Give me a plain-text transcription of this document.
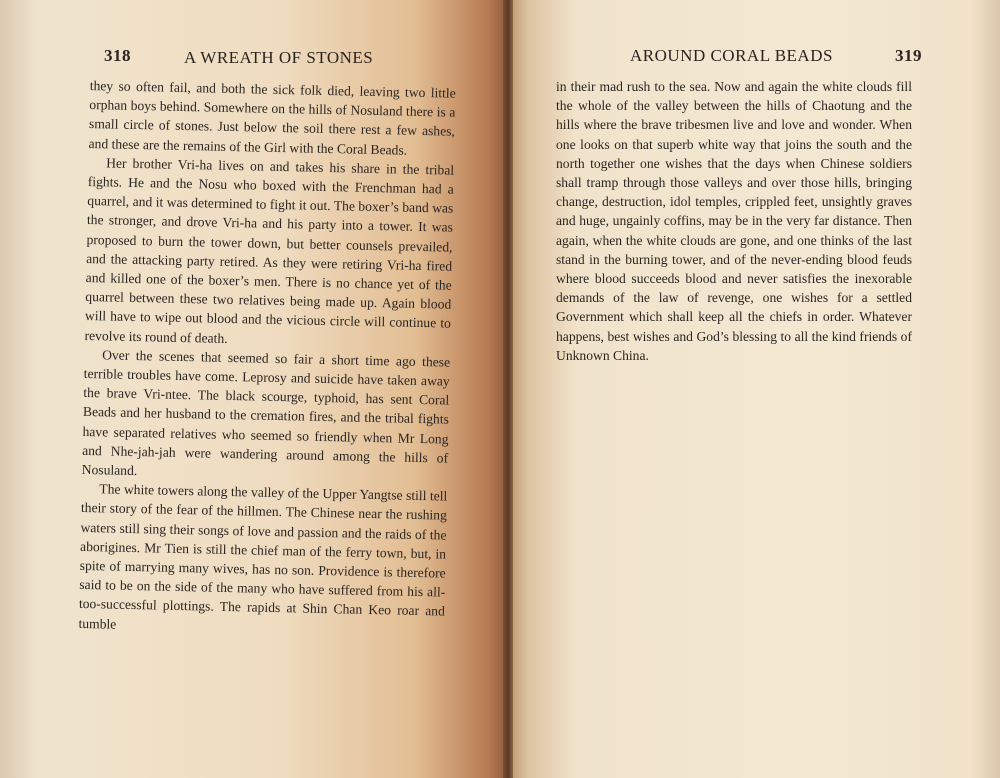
318	A WREATH OF STONES

they so often fail, and both the sick folk died, leaving two little orphan boys behind. Somewhere on the hills of Nosuland there is a small circle of stones. Just below the soil there rest a few ashes, and these are the remains of the Girl with the Coral Beads.

Her brother Vri-ha lives on and takes his share in the tribal fights. He and the Nosu who boxed with the Frenchman had a quarrel, and it was determined to fight it out. The boxer’s band was the stronger, and drove Vri-ha and his party into a tower. It was proposed to burn the tower down, but better counsels prevailed, and the attacking party retired. As they were retiring Vri-ha fired and killed one of the boxer’s men. There is no chance yet of the quarrel between these two relatives being made up. Again blood will have to wipe out blood and the vicious circle will continue to revolve its round of death.

Over the scenes that seemed so fair a short time ago these terrible troubles have come. Leprosy and suicide have taken away the brave Vri-ntee. The black scourge, typhoid, has sent Coral Beads and her husband to the cremation fires, and the tribal fights have separated relatives who seemed so friendly when Mr Long and Nhe-jah-jah were wandering around among the hills of Nosuland.

The white towers along the valley of the Upper Yangtse still tell their story of the fear of the hillmen. The Chinese near the rushing waters still sing their songs of love and passion and the raids of the aborigines. Mr Tien is still the chief man of the ferry town, but, in spite of marrying many wives, has no son. Providence is therefore said to be on the side of the many who have suffered from his all-too-successful plottings. The rapids at Shin Chan Keo roar and tumble

AROUND CORAL BEADS	319

in their mad rush to the sea. Now and again the white clouds fill the whole of the valley between the hills of Chaotung and the hills where the brave tribesmen live and love and wonder. When one looks on that superb white way that joins the south and the north together one wishes that the days when Chinese soldiers shall tramp through those valleys and over those hills, bringing change, destruction, idol temples, crippled feet, unsightly graves and huge, ungainly coffins, may be in the very far distance. Then again, when the white clouds are gone, and one thinks of the last stand in the burning tower, and of the never-ending blood feuds where blood succeeds blood and never satisfies the inexorable demands of the law of revenge, one wishes for a settled Government which shall keep all the chiefs in order. Whatever happens, best wishes and God’s blessing to all the kind friends of Unknown China.
